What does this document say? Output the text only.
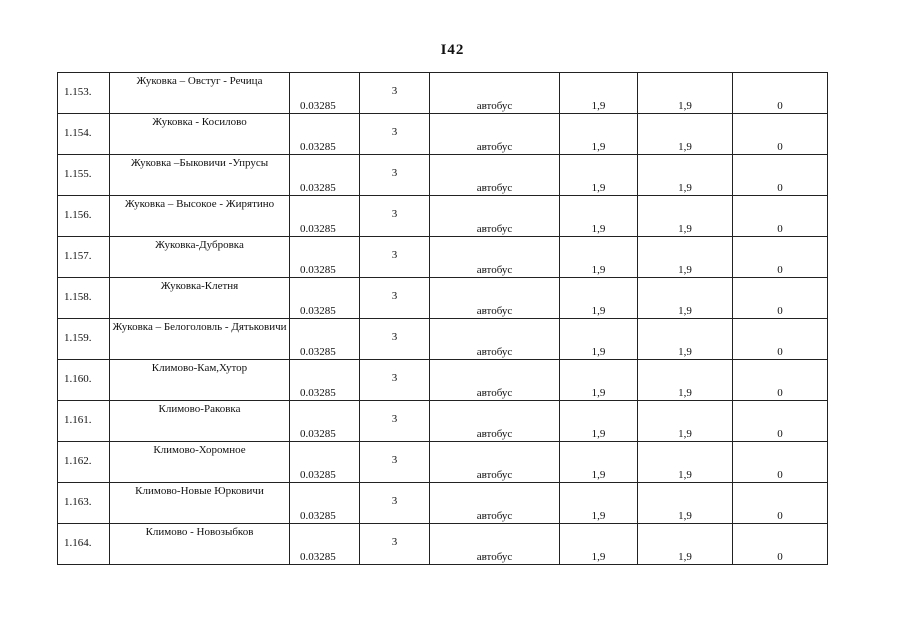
I42
1.153.	Жуковка – Овстуг - Речица	0.03285	3	автобус	1,9	1,9	0

1.154.	Жуковка - Косилово	0.03285	3	автобус	1,9	1,9	0

1.155.	Жуковка –Быковичи -Упрусы	0.03285	3	автобус	1,9	1,9	0

1.156.	Жуковка – Высокое - Жирятино	0.03285	3	автобус	1,9	1,9	0

1.157.	Жуковка-Дубровка	0.03285	3	автобус	1,9	1,9	0

1.158.	Жуковка-Клетня	0.03285	3	автобус	1,9	1,9	0

1.159.	Жуковка – Белоголовль - Дятьковичи	0.03285	3	автобус	1,9	1,9	0

1.160.	Климово-Кам,Хутор	0.03285	3	автобус	1,9	1,9	0

1.161.	Климово-Раковка	0.03285	3	автобус	1,9	1,9	0

1.162.	Климово-Хоромное	0.03285	3	автобус	1,9	1,9	0

1.163.	Климово-Новые Юрковичи	0.03285	3	автобус	1,9	1,9	0

1.164.	Климово - Новозыбков	0.03285	3	автобус	1,9	1,9	0
